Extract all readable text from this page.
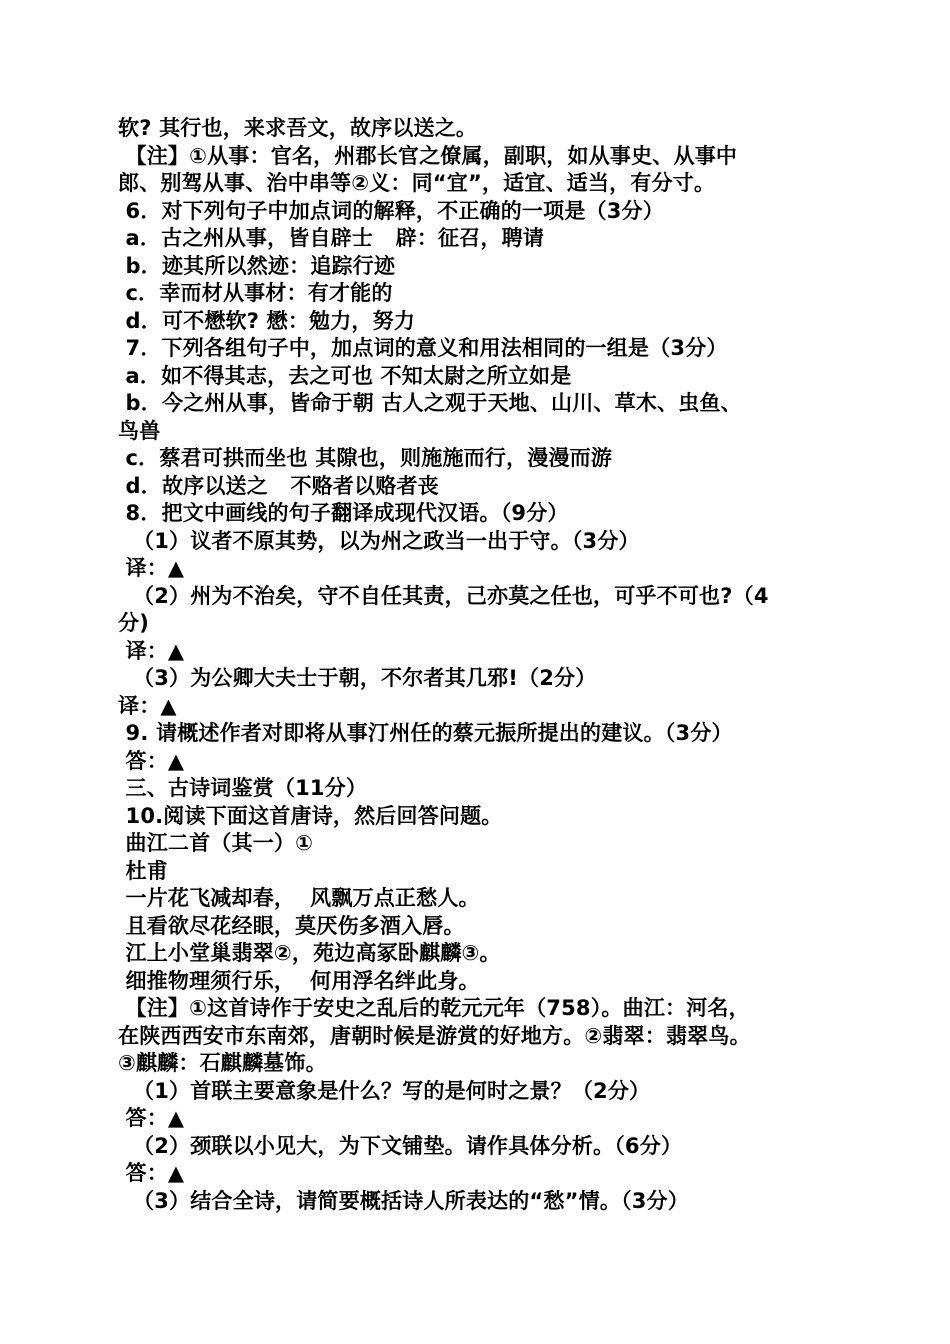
软? 其行也，来求吾文，故序以送之。
【注】①从事：官名，州郡长官之僚属，副职，如从事史、从事中
郎、别驾从事、治中串等②义：同“宜”，适宜、适当，有分寸。
6．对下列句子中加点词的解释，不正确的一项是（3分）
a．古之州从事，皆自辟士   辟：征召，聘请
b．迹其所以然迹：追踪行迹
c．幸而材从事材：有才能的
d．可不懋软? 懋：勉力，努力
7．下列各组句子中，加点词的意义和用法相同的一组是（3分）
a．如不得其志，去之可也 不知太尉之所立如是
b．今之州从事，皆命于朝 古人之观于天地、山川、草木、虫鱼、
鸟兽
c．蔡君可拱而坐也 其隙也，则施施而行，漫漫而游
d．故序以送之   不赂者以赂者丧
8．把文中画线的句子翻译成现代汉语。（9分）
（1）议者不原其势，以为州之政当一出于守。（3分）
译：▲
（2）州为不治矣，守不自任其责，己亦莫之任也，可乎不可也?（4
分)
译：▲
（3）为公卿大夫士于朝，不尔者其几邪!（2分）
译：▲
9. 请概述作者对即将从事汀州任的蔡元振所提出的建议。（3分）
答：▲
三、古诗词鉴赏（11分）
10.阅读下面这首唐诗，然后回答问题。
曲江二首（其一）①
杜甫
一片花飞减却春，  风飘万点正愁人。
且看欲尽花经眼，莫厌伤多酒入唇。
江上小堂巢翡翠②，苑边高冢卧麒麟③。
细推物理须行乐，  何用浮名绊此身。
【注】①这首诗作于安史之乱后的乾元元年（758）。曲江：河名，
在陕西西安市东南郊，唐朝时候是游赏的好地方。②翡翠：翡翠鸟。
③麒麟：石麒麟墓饰。
（1）首联主要意象是什么？写的是何时之景？（2分）
答：▲
（2）颈联以小见大，为下文铺垫。请作具体分析。（6分）
答：▲
（3）结合全诗，请简要概括诗人所表达的“愁”情。（3分）
